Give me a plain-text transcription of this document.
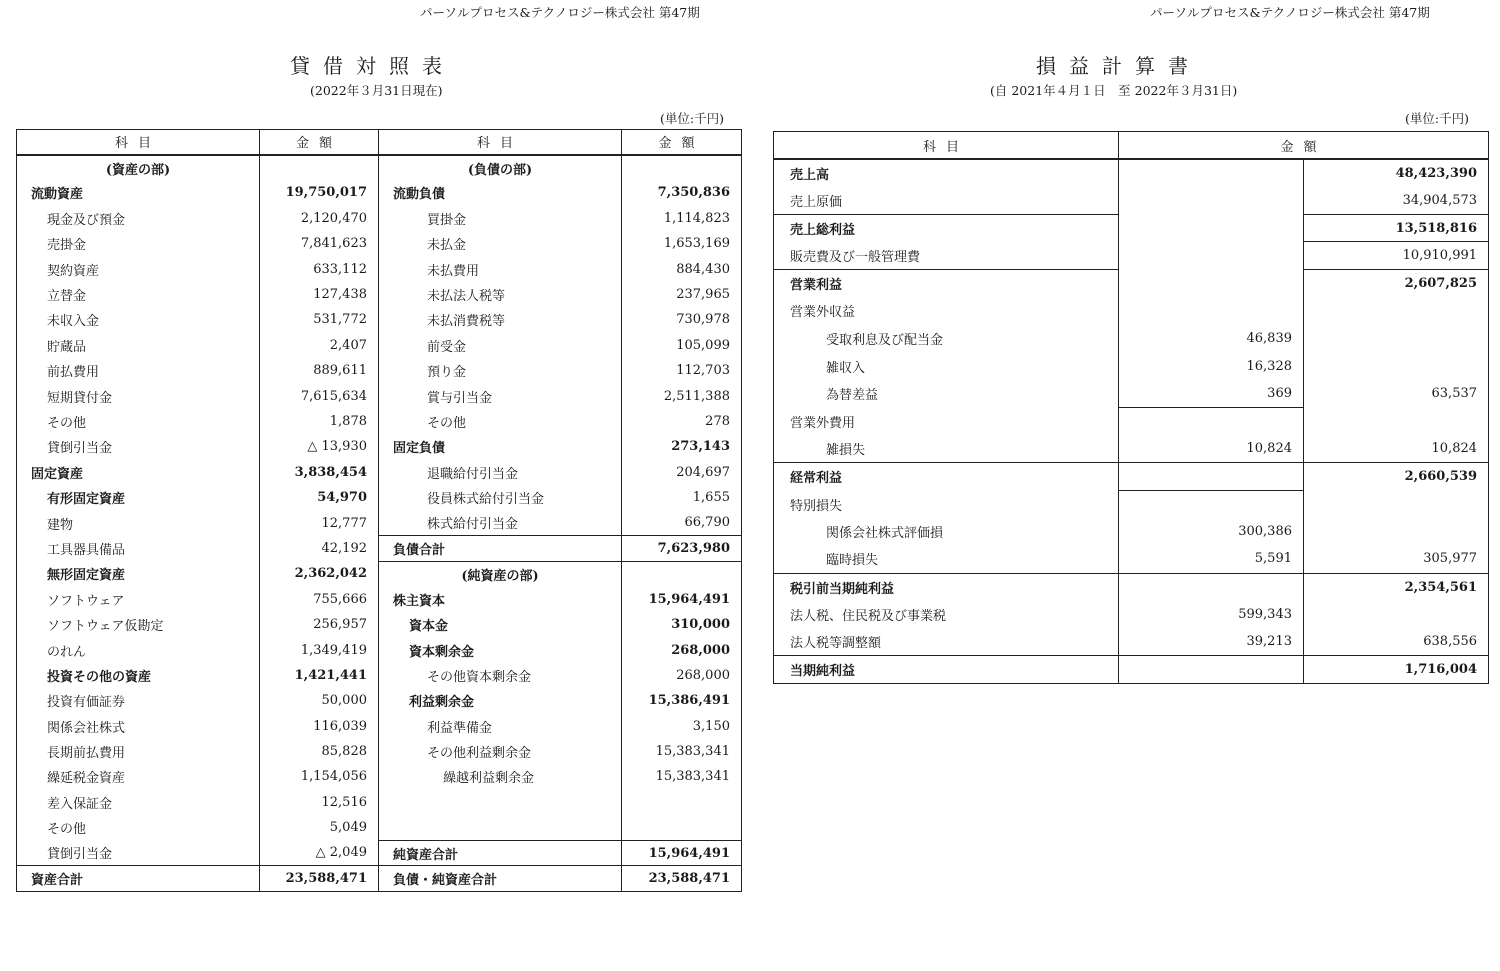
パーソルプロセス&テクノロジー株式会社 第47期
貸借対照表
(2022年３月31日現在)
(単位:千円)
科目	金額	科目	金額
(資産の部)		(負債の部)	
流動資産	19,750,017	流動負債	7,350,836
現金及び預金	2,120,470	買掛金	1,114,823
売掛金	7,841,623	未払金	1,653,169
契約資産	633,112	未払費用	884,430
立替金	127,438	未払法人税等	237,965
未収入金	531,772	未払消費税等	730,978
貯蔵品	2,407	前受金	105,099
前払費用	889,611	預り金	112,703
短期貸付金	7,615,634	賞与引当金	2,511,388
その他	1,878	その他	278
貸倒引当金	△ 13,930	固定負債	273,143
固定資産	3,838,454	退職給付引当金	204,697
有形固定資産	54,970	役員株式給付引当金	1,655
建物	12,777	株式給付引当金	66,790
工具器具備品	42,192	負債合計	7,623,980
無形固定資産	2,362,042	(純資産の部)	
ソフトウェア	755,666	株主資本	15,964,491
ソフトウェア仮勘定	256,957	資本金	310,000
のれん	1,349,419	資本剰余金	268,000
投資その他の資産	1,421,441	その他資本剰余金	268,000
投資有価証券	50,000	利益剰余金	15,386,491
関係会社株式	116,039	利益準備金	3,150
長期前払費用	85,828	その他利益剰余金	15,383,341
繰延税金資産	1,154,056	繰越利益剰余金	15,383,341
差入保証金	12,516		
その他	5,049		
貸倒引当金	△ 2,049	純資産合計	15,964,491
資産合計	23,588,471	負債・純資産合計	23,588,471
パーソルプロセス&テクノロジー株式会社 第47期
損益計算書
(自 2021年４月１日　至 2022年３月31日)
(単位:千円)
科目	金額	
売上高		48,423,390
売上原価		34,904,573
売上総利益		13,518,816
販売費及び一般管理費		10,910,991
営業利益		2,607,825
営業外収益		
受取利息及び配当金	46,839	
雑収入	16,328	
為替差益	369	63,537
営業外費用		
雑損失	10,824	10,824
経常利益		2,660,539
特別損失		
関係会社株式評価損	300,386	
臨時損失	5,591	305,977
税引前当期純利益		2,354,561
法人税、住民税及び事業税	599,343	
法人税等調整額	39,213	638,556
当期純利益		1,716,004
